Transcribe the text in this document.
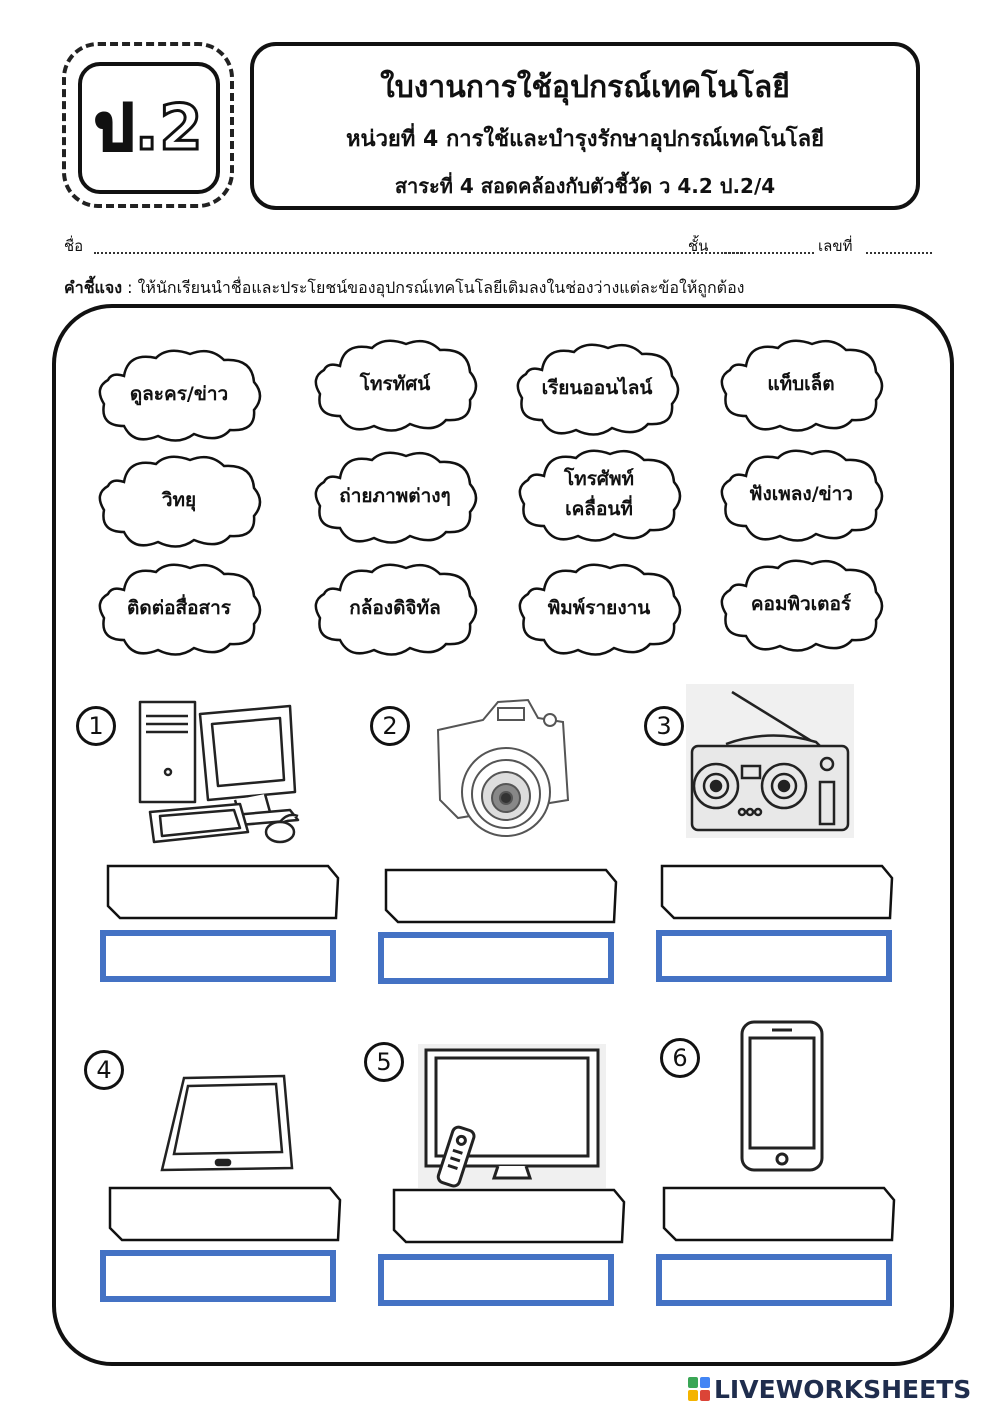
ป.2
ใบงานการใช้อุปกรณ์เทคโนโลยี
หน่วยที่ 4 การใช้และบำรุงรักษาอุปกรณ์เทคโนโลยี
สาระที่ 4 สอดคล้องกับตัวชี้วัด ว 4.2 ป.2/4
ชื่อ	ชั้น	เลขที่
คำชี้แจง : ให้นักเรียนนำชื่อและประโยชน์ของอุปกรณ์เทคโนโลยีเติมลงในช่องว่างแต่ละข้อให้ถูกต้อง
ดูละคร/ข่าว	โทรทัศน์	เรียนออนไลน์	แท็บเล็ต
วิทยุ	ถ่ายภาพต่างๆ
โทรศัพท์
เคลื่อนที่
ฟังเพลง/ข่าว
ติดต่อสื่อสาร	กล้องดิจิทัล	พิมพ์รายงาน	คอมพิวเตอร์
1	2	3
4	5	6
LIVEWORKSHEETS
